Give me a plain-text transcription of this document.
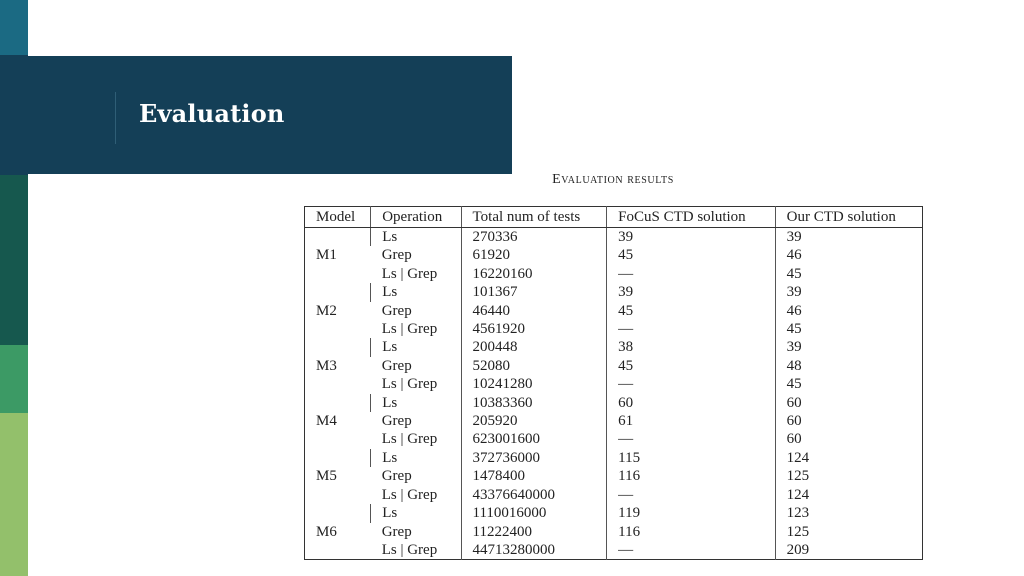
Evaluation
Evaluation results
Model	Operation	Total num of tests	FoCuS CTD solution	Our CTD solution
M1	Ls	270336	39	39
	Grep	61920	45	46
	Ls | Grep	16220160	—	45
M2	Ls	101367	39	39
	Grep	46440	45	46
	Ls | Grep	4561920	—	45
M3	Ls	200448	38	39
	Grep	52080	45	48
	Ls | Grep	10241280	—	45
M4	Ls	10383360	60	60
	Grep	205920	61	60
	Ls | Grep	623001600	—	60
M5	Ls	372736000	115	124
	Grep	1478400	116	125
	Ls | Grep	43376640000	—	124
M6	Ls	1110016000	119	123
	Grep	11222400	116	125
	Ls | Grep	44713280000	—	209
